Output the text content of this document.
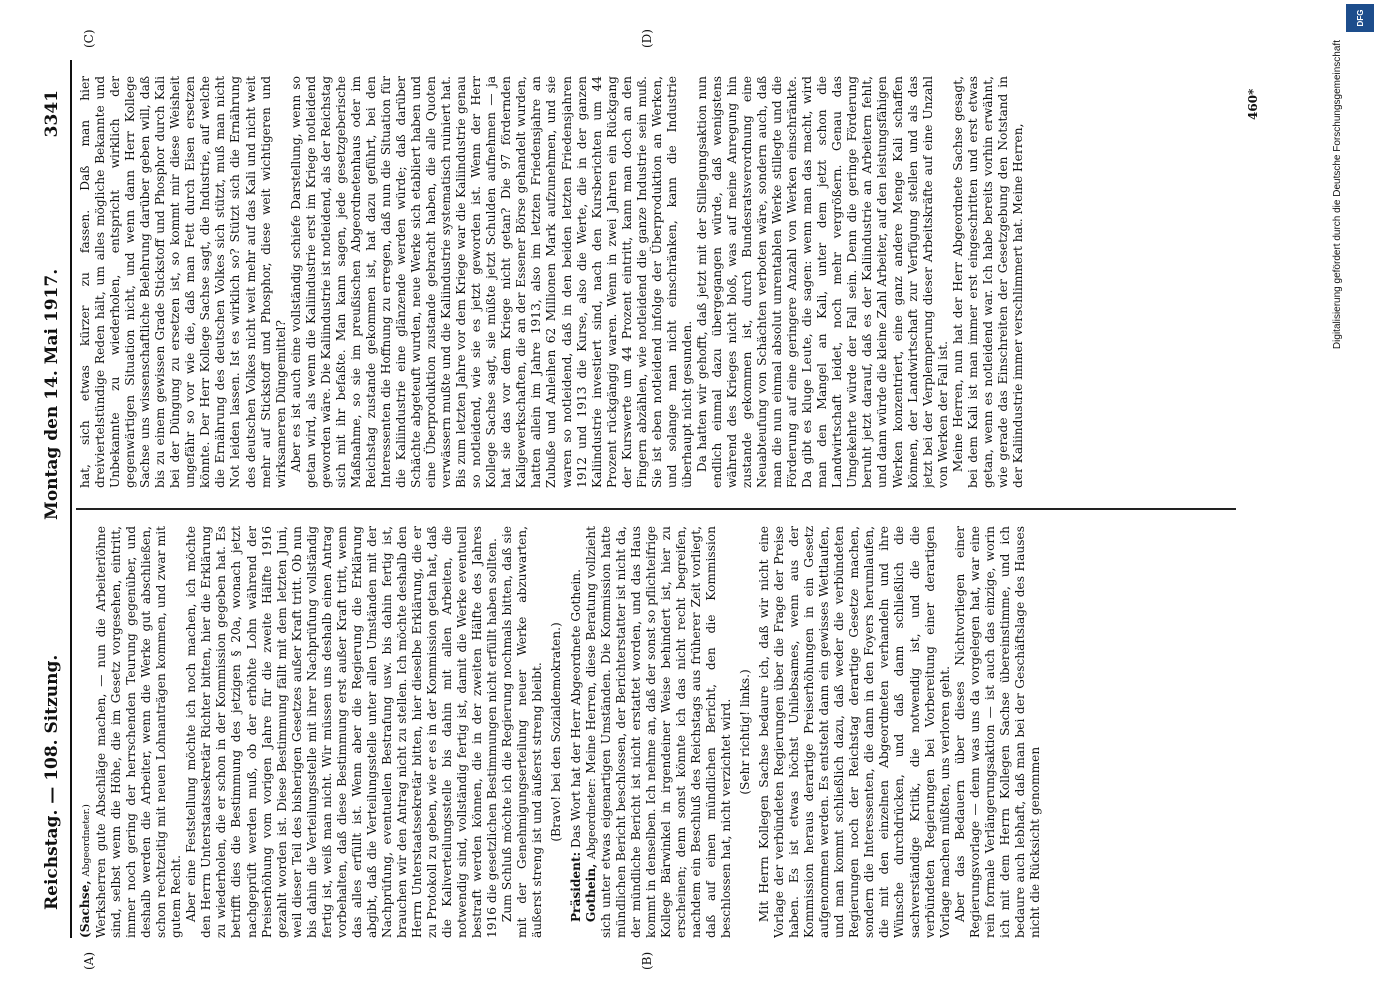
Reichstag. — 108. Sitzung.
Montag den 14. Mai 1917.
3341
(A)	(B)
(C)	(D)

(Sachse, Abgeordneter.) Werksherren gute Abschläge machen, — nun die Arbeiterlöhne sind, selbst wenn die Höhe, die im Gesetz vorgesehen, eintritt, immer noch gering der herrschenden Teurung gegenüber, und deshalb werden die Arbeiter, wenn die Werke gut abschließen, schon rechtzeitig mit neuen Lohnanträgen kommen, und zwar mit gutem Recht. Aber eine Feststellung möchte ich noch machen, ich möchte den Herrn Unterstaatssekretär Richter bitten, hier die Erklärung zu wiederholen, die er schon in der Kommission gegeben hat. Es betrifft dies die Bestimmung des jetzigen § 20a, wonach jetzt nachgeprüft werden muß, ob der erhöhte Lohn während der Preiserhöhung vom vorigen Jahre für die zweite Hälfte 1916 gezahlt worden ist. Diese Bestimmung fällt mit dem letzten Juni, weil dieser Teil des bisherigen Gesetzes außer Kraft tritt. Ob nun bis dahin die Verteilungsstelle mit ihrer Nachprüfung vollständig fertig ist, weiß man nicht. Wir müssen uns deshalb einen Antrag vorbehalten, daß diese Bestimmung erst außer Kraft tritt, wenn das alles erfüllt ist. Wenn aber die Regierung die Erklärung abgibt, daß die Verteilungsstelle unter allen Umständen mit der Nachprüfung, eventuellen Bestrafung usw. bis dahin fertig ist, brauchen wir den Antrag nicht zu stellen. Ich möchte deshalb den Herrn Unterstaatssekretär bitten, hier dieselbe Erklärung, die er zu Protokoll zu geben, wie er es in der Kommission getan hat, daß die Kaliverteilungsstelle bis dahin mit allen Arbeiten, die notwendig sind, vollständig fertig ist, damit die Werke eventuell bestraft werden können, die in der zweiten Hälfte des Jahres 1916 die gesetzlichen Bestimmungen nicht erfüllt haben sollten. Zum Schluß möchte ich die Regierung nochmals bitten, daß sie mit der Genehmigungserteilung neuer Werke abzuwarten, äußerst streng ist und äußerst streng bleibt. (Bravo! bei den Sozialdemokraten.)

Präsident: Das Wort hat der Herr Abgeordnete Gothein.

Gothein, Abgeordneter: Meine Herren, diese Beratung vollzieht sich unter etwas eigenartigen Umständen. Die Kommission hatte mündlichen Bericht beschlossen, der Berichterstatter ist nicht da, der mündliche Bericht ist nicht erstattet worden, und das Haus kommt in denselben. Ich nehme an, daß der sonst so pflichteifrige Kollege Bärwinkel in irgendeiner Weise behindert ist, hier zu erscheinen; denn sonst könnte ich das nicht recht begreifen, nachdem ein Beschluß des Reichstags aus früherer Zeit vorliegt, daß auf einen mündlichen Bericht, den die Kommission beschlossen hat, nicht verzichtet wird. (Sehr richtig! links.) Mit Herrn Kollegen Sachse bedaure ich, daß wir nicht eine Vorlage der verbündeten Regierungen über die Frage der Preise haben. Es ist etwas höchst Unliebsames, wenn aus der Kommission heraus derartige Preiserhöhungen in ein Gesetz aufgenommen werden. Es entsteht dann ein gewisses Wettlaufen, und man kommt schließlich dazu, daß weder die verbündeten Regierungen noch der Reichstag derartige Gesetze machen, sondern die Interessenten, die dann in den Foyers herumlaufen, die mit den einzelnen Abgeordneten verhandeln und ihre Wünsche durchdrücken, und daß dann schließlich die sachverständige Kritik, die notwendig ist, und die die verbündeten Regierungen bei Vorbereitung einer derartigen Vorlage machen müßten, uns verloren geht. Aber das Bedauern über dieses Nichtvorliegen einer Regierungsvorlage — denn was uns da vorgelegen hat, war eine rein formale Verlängerungsaktion — ist auch das einzige, worin ich mit dem Herrn Kollegen Sachse übereinstimme, und ich bedaure auch lebhaft, daß man bei der Geschäftslage des Hauses nicht die Rücksicht genommen

hat, sich etwas kürzer zu fassen. Daß man hier dreiviertelstündige Reden hält, um alles mögliche Bekannte und Unbekannte zu wiederholen, entspricht wirklich der gegenwärtigen Situation nicht, und wenn dann Herr Kollege Sachse uns wissenschaftliche Belehrung darüber geben will, daß bis zu einem gewissen Grade Stickstoff und Phosphor durch Kali bei der Düngung zu ersetzen ist, so kommt mir diese Weisheit ungefähr so vor wie die, daß man Fett durch Eisen ersetzen könnte. Der Herr Kollege Sachse sagt, die Industrie, auf welche die Ernährung des deutschen Volkes sich stützt, muß man nicht Not leiden lassen. Ist es wirklich so? Stützt sich die Ernährung des deutschen Volkes nicht weit mehr auf das Kali und nicht weit mehr auf Stickstoff und Phosphor, diese weit wichtigeren und wirksameren Düngemittel? Aber es ist auch eine vollständig schiefe Darstellung, wenn so getan wird, als wenn die Kaliindustrie erst im Kriege notleidend geworden wäre. Die Kaliindustrie ist notleidend, als der Reichstag sich mit ihr befaßte. Man kann sagen, jede gesetzgeberische Maßnahme, so sie im preußischen Abgeordnetenhaus oder im Reichstag zustande gekommen ist, hat dazu geführt, bei den Interessenten die Hoffnung zu erregen, daß nun die Situation für die Kaliindustrie eine glänzende werden würde; daß darüber Schächte abgeteuft wurden, neue Werke sich etabliert haben und eine Überproduktion zustande gebracht haben, die alle Quoten verwässern mußte und die Kaliindustrie systematisch ruiniert hat. Bis zum letzten Jahre vor dem Kriege war die Kaliindustrie genau so notleidend, wie sie es jetzt geworden ist. Wenn der Herr Kollege Sachse sagt, sie müßte jetzt Schulden aufnehmen — ja hat sie das vor dem Kriege nicht getan? Die 97 fördernden Kaligewerkschaften, die an der Essener Börse gehandelt wurden, hatten allein im Jahre 1913, also im letzten Friedensjahre an Zubuße und Anleihen 62 Millionen Mark aufzunehmen, und sie waren so notleidend, daß in den beiden letzten Friedensjahren 1912 und 1913 die Kurse, also die Werte, die in der ganzen Kaliindustrie investiert sind, nach den Kursberichten um 44 Prozent rückgängig waren. Wenn in zwei Jahren ein Rückgang der Kurswerte um 44 Prozent eintritt, kann man doch an den Fingern abzählen, wie notleidend die ganze Industrie sein muß. Sie ist eben notleidend infolge der Überproduktion an Werken, und solange man nicht einschränken, kann die Industrie überhaupt nicht gesunden. Da hatten wir gehofft, daß jetzt mit der Stillegungsaktion nun endlich einmal dazu übergegangen würde, daß wenigstens während des Krieges nicht bloß, was auf meine Anregung hin zustande gekommen ist, durch Bundesratsverordnung eine Neuabteufung von Schächten verboten wäre, sondern auch, daß man die nun einmal absolut unrentablen Werke stillegte und die Förderung auf eine geringere Anzahl von Werken einschränkte. Da gibt es kluge Leute, die sagen: wenn man das macht, wird man den Mangel an Kali, unter dem jetzt schon die Landwirtschaft leidet, noch mehr vergrößern. Genau das Umgekehrte würde der Fall sein. Denn die geringe Förderung beruht jetzt darauf, daß es der Kaliindustrie an Arbeitern fehlt, und dann würde die kleine Zahl Arbeiter, auf den leistungsfähigen Werken konzentriert, eine ganz andere Menge Kali schaffen können, der Landwirtschaft zur Verfügung stellen und als das jetzt bei der Verplemperung dieser Arbeitskräfte auf eine Unzahl von Werken der Fall ist. Meine Herren, nun hat der Herr Abgeordnete Sachse gesagt, bei dem Kali ist man immer erst eingeschritten und erst etwas getan, wenn es notleidend war. Ich habe bereits vorhin erwähnt, wie gerade das Einschreiten der Gesetzgebung den Notstand in der Kaliindustrie immer verschlimmert hat. Meine Herren,

460*	Digitalisierung gefördert durch die Deutsche Forschungsgemeinschaft
DFG
